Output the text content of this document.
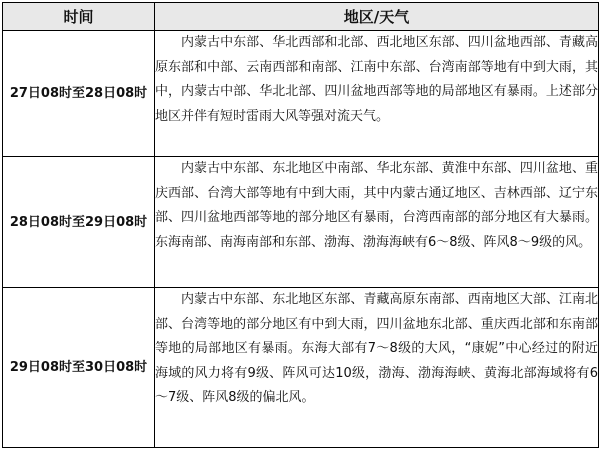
时间	地区/天气
27日08时至28日08时	内蒙古中东部、华北西部和北部、西北地区东部、四川盆地西部、青藏高原东部和中部、云南西部和南部、江南中东部、台湾南部等地有中到大雨，其中，内蒙古中部、华北北部、四川盆地西部等地的局部地区有暴雨。上述部分地区并伴有短时雷雨大风等强对流天气。
28日08时至29日08时	内蒙古中东部、东北地区中南部、华北东部、黄淮中东部、四川盆地、重庆西部、台湾大部等地有中到大雨，其中内蒙古通辽地区、吉林西部、辽宁东部、四川盆地西部等地的部分地区有暴雨，台湾西南部的部分地区有大暴雨。东海南部、南海南部和东部、渤海、渤海海峡有6～8级、阵风8～9级的风。
29日08时至30日08时	内蒙古中东部、东北地区东部、青藏高原东南部、西南地区大部、江南北部、台湾等地的部分地区有中到大雨，四川盆地东北部、重庆西北部和东南部等地的局部地区有暴雨。东海大部有7～8级的大风，“康妮”中心经过的附近海域的风力将有9级、阵风可达10级，渤海、渤海海峡、黄海北部海域将有6～7级、阵风8级的偏北风。
